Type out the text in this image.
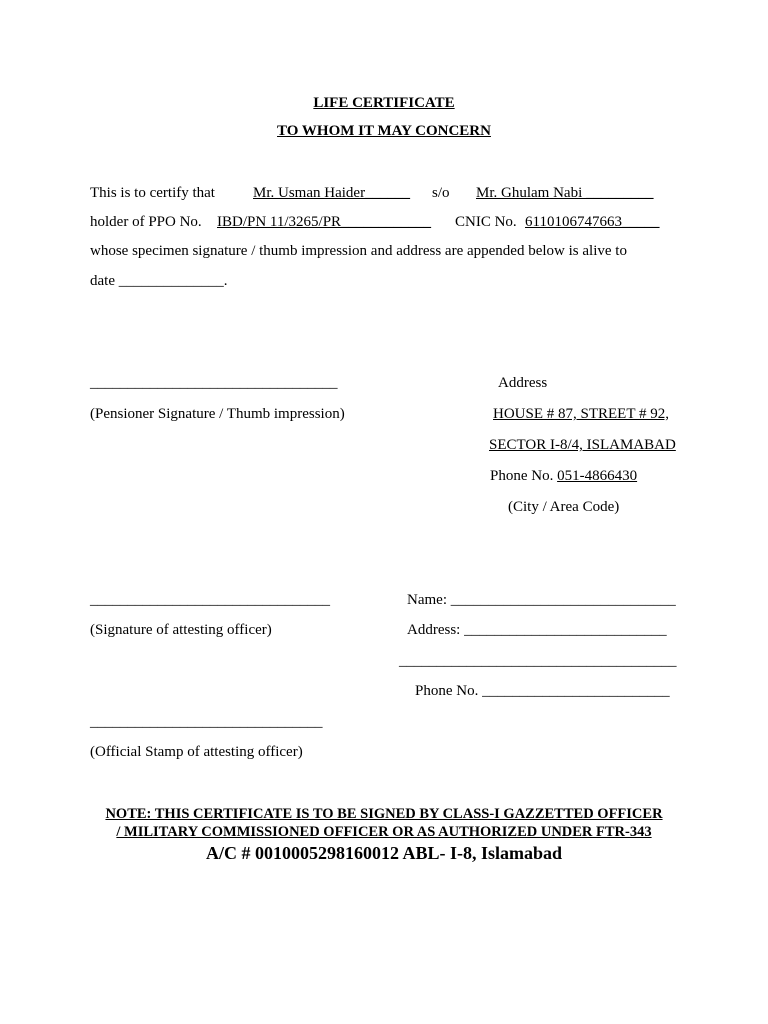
LIFE CERTIFICATE
TO WHOM IT MAY CONCERN
This is to certify that	Mr. Usman Haider______ s/o Mr. Ghulam Nabi _________
holder of PPO No. IBD/PN 11/3265/PR____________ CNIC No. 6110106747663_____
whose specimen signature / thumb impression and address are appended below is alive to
date ______________.
_________________________________
(Pensioner Signature / Thumb impression)
Address
HOUSE # 87, STREET # 92,
SECTOR I-8/4, ISLAMABAD
Phone No. 051-4866430
(City / Area Code)
________________________________
(Signature of attesting officer)
Name: ______________________________
Address: ___________________________
_____________________________________
Phone No. _________________________
_______________________________
(Official Stamp of attesting officer)
NOTE: THIS CERTIFICATE IS TO BE SIGNED BY CLASS-I GAZZETTED OFFICER
/ MILITARY COMMISSIONED OFFICER OR AS AUTHORIZED UNDER FTR-343
A/C # 0010005298160012 ABL- I-8, Islamabad
